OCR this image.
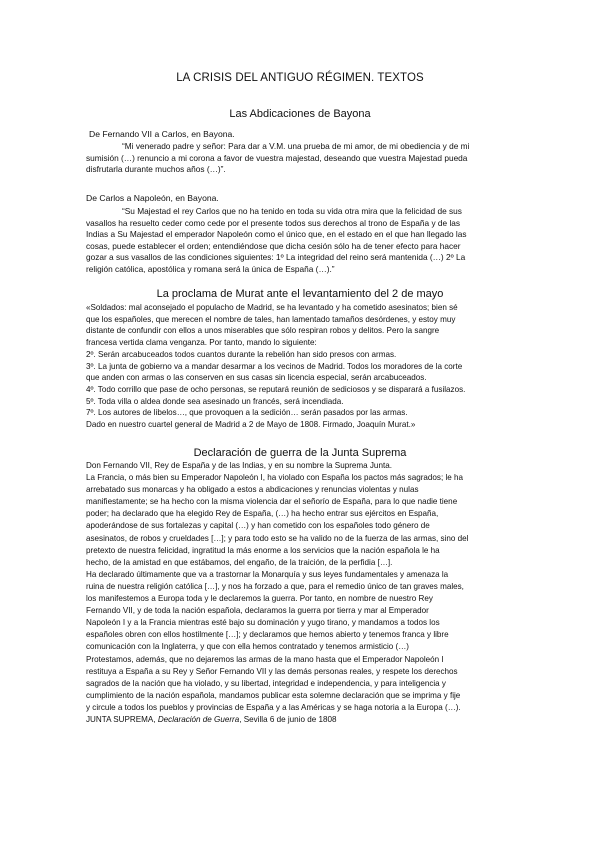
LA CRISIS DEL ANTIGUO RÉGIMEN. TEXTOS
Las Abdicaciones de Bayona
De Fernando VII a Carlos, en Bayona.
“Mi venerado padre y señor: Para dar a V.M. una prueba de mi amor, de mi obediencia y de mi
sumisión (…) renuncio a mi corona a favor de vuestra majestad, deseando que vuestra Majestad pueda
disfrutarla durante muchos años (…)”.
De Carlos a Napoleón, en Bayona.
“Su Majestad el rey Carlos que no ha tenido en toda su vida otra mira que la felicidad de sus
vasallos ha resuelto ceder como cede por el presente todos sus derechos al trono de España y de las
Indias a Su Majestad el emperador Napoleón como el único que, en el estado en el que han llegado las
cosas, puede establecer el orden; entendiéndose que dicha cesión sólo ha de tener efecto para hacer
gozar a sus vasallos de las condiciones siguientes: 1º La integridad del reino será mantenida (…) 2º La
religión católica, apostólica y romana será la única de España (…).”
La proclama de Murat ante el levantamiento del 2 de mayo
«Soldados: mal aconsejado el populacho de Madrid, se ha levantado y ha cometido asesinatos; bien sé
que los españoles, que merecen el nombre de tales, han lamentado tamaños desórdenes, y estoy muy
distante de confundir con ellos a unos miserables que sólo respiran robos y delitos. Pero la sangre
francesa vertida clama venganza. Por tanto, mando lo siguiente:
2º. Serán arcabuceados todos cuantos durante la rebelión han sido presos con armas.
3º. La junta de gobierno va a mandar desarmar a los vecinos de Madrid. Todos los moradores de la corte
que anden con armas o las conserven en sus casas sin licencia especial, serán arcabuceados.
4º. Todo corrillo que pase de ocho personas, se reputará reunión de sediciosos y se disparará a fusilazos.
5º. Toda villa o aldea donde sea asesinado un francés, será incendiada.
7º. Los autores de libelos…, que provoquen a la sedición… serán pasados por las armas.
Dado en nuestro cuartel general de Madrid a 2 de Mayo de 1808. Firmado, Joaquín Murat.»
Declaración de guerra de la Junta Suprema
Don Fernando VII, Rey de España y de las Indias, y en su nombre la Suprema Junta.
La Francia, o más bien su Emperador Napoleón I, ha violado con España los pactos más sagrados; le ha
arrebatado sus monarcas y ha obligado a estos a abdicaciones y renuncias violentas y nulas
manifiestamente; se ha hecho con la misma violencia dar el señorío de España, para lo que nadie tiene
poder; ha declarado que ha elegido Rey de España, (…) ha hecho entrar sus ejércitos en España,
apoderándose de sus fortalezas y capital (…) y han cometido con los españoles todo género de
asesinatos, de robos y crueldades […]; y para todo esto se ha valido no de la fuerza de las armas, sino del
pretexto de nuestra felicidad, ingratitud la más enorme a los servicios que la nación española le ha
hecho, de la amistad en que estábamos, del engaño, de la traición, de la perfidia […].
Ha declarado últimamente que va a trastornar la Monarquía y sus leyes fundamentales y amenaza la
ruina de nuestra religión católica […], y nos ha forzado a que, para el remedio único de tan graves males,
los manifestemos a Europa toda y le declaremos la guerra. Por tanto, en nombre de nuestro Rey
Fernando VII, y de toda la nación española, declaramos la guerra por tierra y mar al Emperador
Napoleón I y a la Francia mientras esté bajo su dominación y yugo tirano, y mandamos a todos los
españoles obren con ellos hostilmente […]; y declaramos que hemos abierto y tenemos franca y libre
comunicación con la Inglaterra, y que con ella hemos contratado y tenemos armisticio (…)
Protestamos, además, que no dejaremos las armas de la mano hasta que el Emperador Napoleón I
restituya a España a su Rey y Señor Fernando VII y las demás personas reales, y respete los derechos
sagrados de la nación que ha violado, y su libertad, integridad e independencia, y para inteligencia y
cumplimiento de la nación española, mandamos publicar esta solemne declaración que se imprima y fije
y circule a todos los pueblos y provincias de España y a las Américas y se haga notoria a la Europa (…).
JUNTA SUPREMA, Declaración de Guerra, Sevilla 6 de junio de 1808
